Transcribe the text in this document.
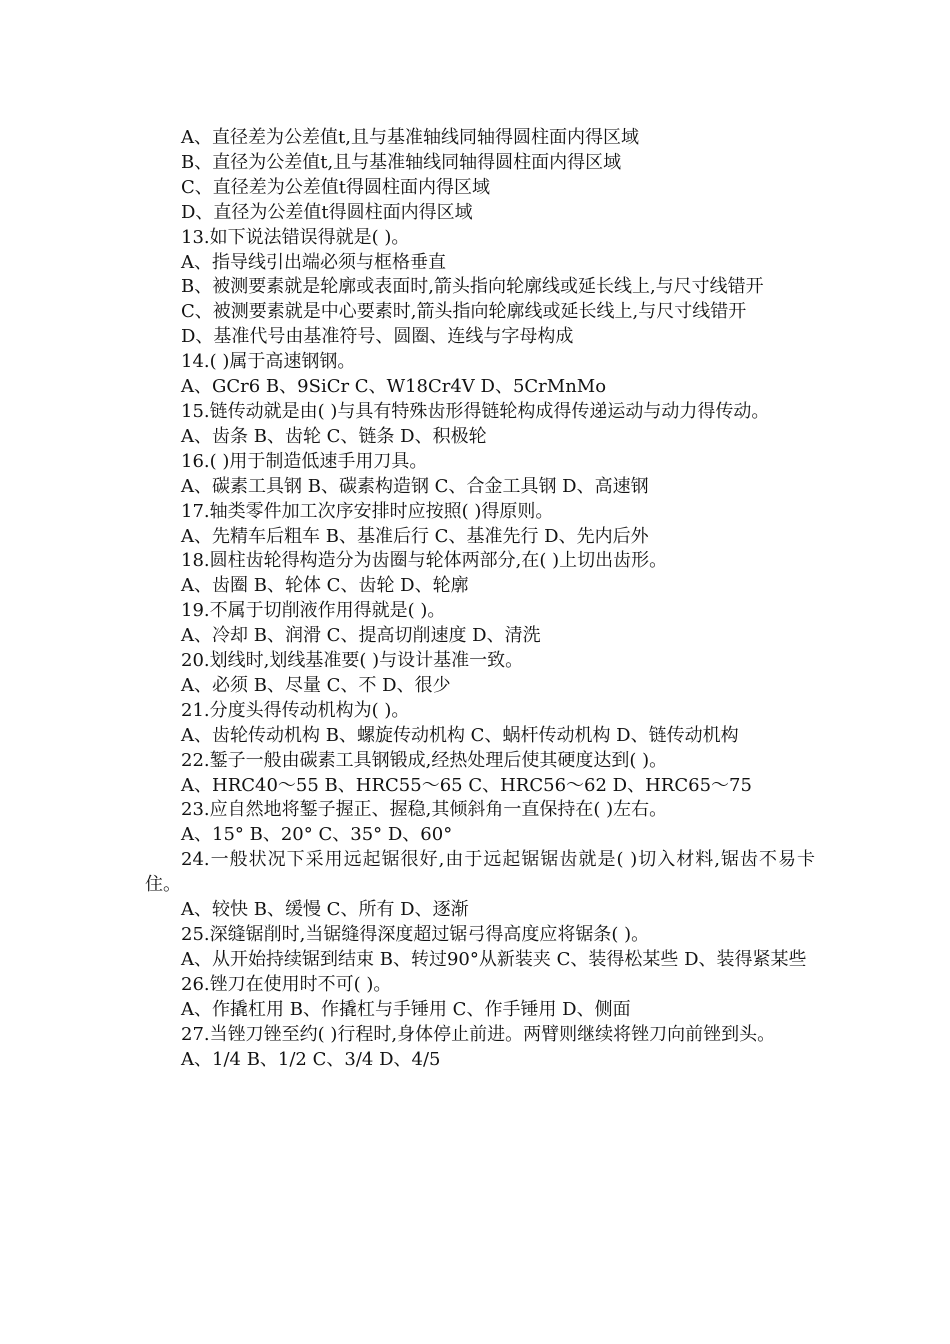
A、直径差为公差值t,且与基准轴线同轴得圆柱面内得区域

B、直径为公差值t,且与基准轴线同轴得圆柱面内得区域

C、直径差为公差值t得圆柱面内得区域

D、直径为公差值t得圆柱面内得区域

13.如下说法错误得就是( )。

A、指导线引出端必须与框格垂直

B、被测要素就是轮廓或表面时,箭头指向轮廓线或延长线上,与尺寸线错开

C、被测要素就是中心要素时,箭头指向轮廓线或延长线上,与尺寸线错开

D、基准代号由基准符号、圆圈、连线与字母构成

14.( )属于高速钢钢。

A、GCr6 B、9SiCr C、W18Cr4V D、5CrMnMo

15.链传动就是由( )与具有特殊齿形得链轮构成得传递运动与动力得传动。

A、齿条 B、齿轮 C、链条 D、积极轮

16.( )用于制造低速手用刀具。

A、碳素工具钢 B、碳素构造钢 C、合金工具钢 D、高速钢

17.轴类零件加工次序安排时应按照( )得原则。

A、先精车后粗车 B、基准后行 C、基准先行 D、先内后外

18.圆柱齿轮得构造分为齿圈与轮体两部分,在( )上切出齿形。

A、齿圈 B、轮体 C、齿轮 D、轮廓

19.不属于切削液作用得就是( )。

A、冷却 B、润滑 C、提高切削速度 D、清洗

20.划线时,划线基准要( )与设计基准一致。

A、必须 B、尽量 C、不 D、很少

21.分度头得传动机构为( )。

A、齿轮传动机构 B、螺旋传动机构 C、蜗杆传动机构 D、链传动机构

22.錾子一般由碳素工具钢锻成,经热处理后使其硬度达到( )。

A、HRC40～55 B、HRC55～65 C、HRC56～62 D、HRC65～75

23.应自然地将錾子握正、握稳,其倾斜角一直保持在( )左右。

A、15° B、20° C、35° D、60°

24.一般状况下采用远起锯很好,由于远起锯锯齿就是( )切入材料,锯齿不易卡住。

A、较快 B、缓慢 C、所有 D、逐渐

25.深缝锯削时,当锯缝得深度超过锯弓得高度应将锯条( )。

A、从开始持续锯到结束 B、转过90°从新装夹 C、装得松某些 D、装得紧某些

26.锉刀在使用时不可( )。

A、作撬杠用 B、作撬杠与手锤用 C、作手锤用 D、侧面

27.当锉刀锉至约( )行程时,身体停止前进。两臂则继续将锉刀向前锉到头。

A、1/4 B、1/2 C、3/4 D、4/5
